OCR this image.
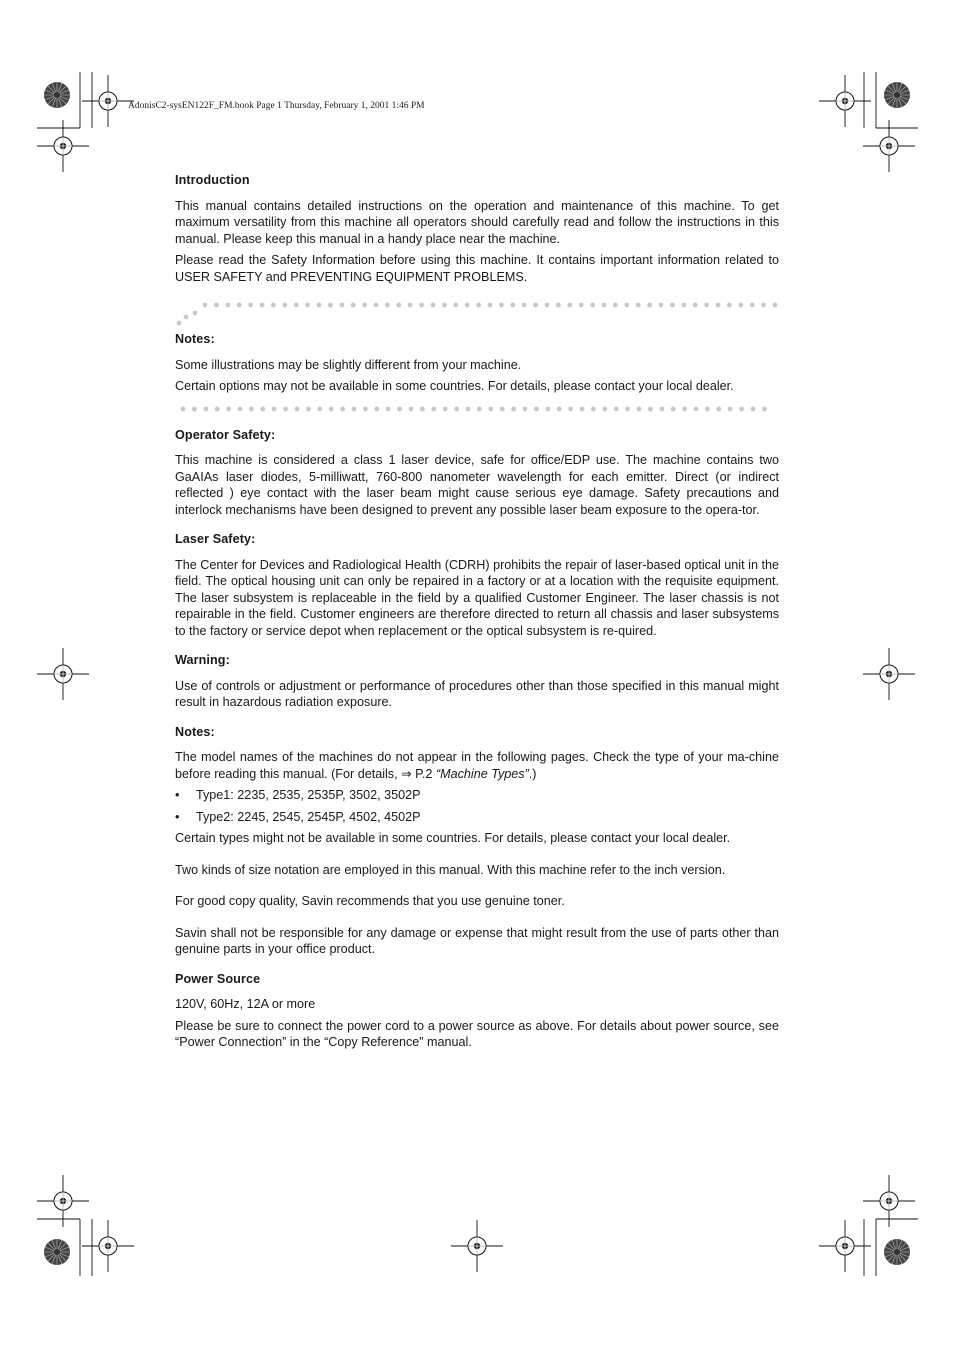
AdonisC2-sysEN122F_FM.book Page 1 Thursday, February 1, 2001 1:46 PM
Introduction

This manual contains detailed instructions on the operation and maintenance of this machine. To get maximum versatility from this machine all operators should carefully read and follow the instructions in this manual. Please keep this manual in a handy place near the machine.

Please read the Safety Information before using this machine. It contains important information related to USER SAFETY and PREVENTING EQUIPMENT PROBLEMS.

Notes:

Some illustrations may be slightly different from your machine.

Certain options may not be available in some countries. For details, please contact your local dealer.

Operator Safety:

This machine is considered a class 1 laser device, safe for office/EDP use. The machine contains two GaAIAs laser diodes, 5-milliwatt, 760-800 nanometer wavelength for each emitter. Direct (or indirect reflected ) eye contact with the laser beam might cause serious eye damage. Safety precautions and interlock mechanisms have been designed to prevent any possible laser beam exposure to the opera-tor.

Laser Safety:

The Center for Devices and Radiological Health (CDRH) prohibits the repair of laser-based optical unit in the field. The optical housing unit can only be repaired in a factory or at a location with the requisite equipment. The laser subsystem is replaceable in the field by a qualified Customer Engineer. The laser chassis is not repairable in the field. Customer engineers are therefore directed to return all chassis and laser subsystems to the factory or service depot when replacement or the optical subsystem is re-quired.

Warning:

Use of controls or adjustment or performance of procedures other than those specified in this manual might result in hazardous radiation exposure.

Notes:

The model names of the machines do not appear in the following pages. Check the type of your ma-chine before reading this manual. (For details, ⇒ P.2 “Machine Types”.)

• Type1: 2235, 2535, 2535P, 3502, 3502P
• Type2: 2245, 2545, 2545P, 4502, 4502P

Certain types might not be available in some countries. For details, please contact your local dealer.

Two kinds of size notation are employed in this manual. With this machine refer to the inch version.

For good copy quality, Savin recommends that you use genuine toner.

Savin shall not be responsible for any damage or expense that might result from the use of parts other than genuine parts in your office product.

Power Source

120V, 60Hz, 12A or more

Please be sure to connect the power cord to a power source as above. For details about power source, see “Power Connection” in the “Copy Reference” manual.
